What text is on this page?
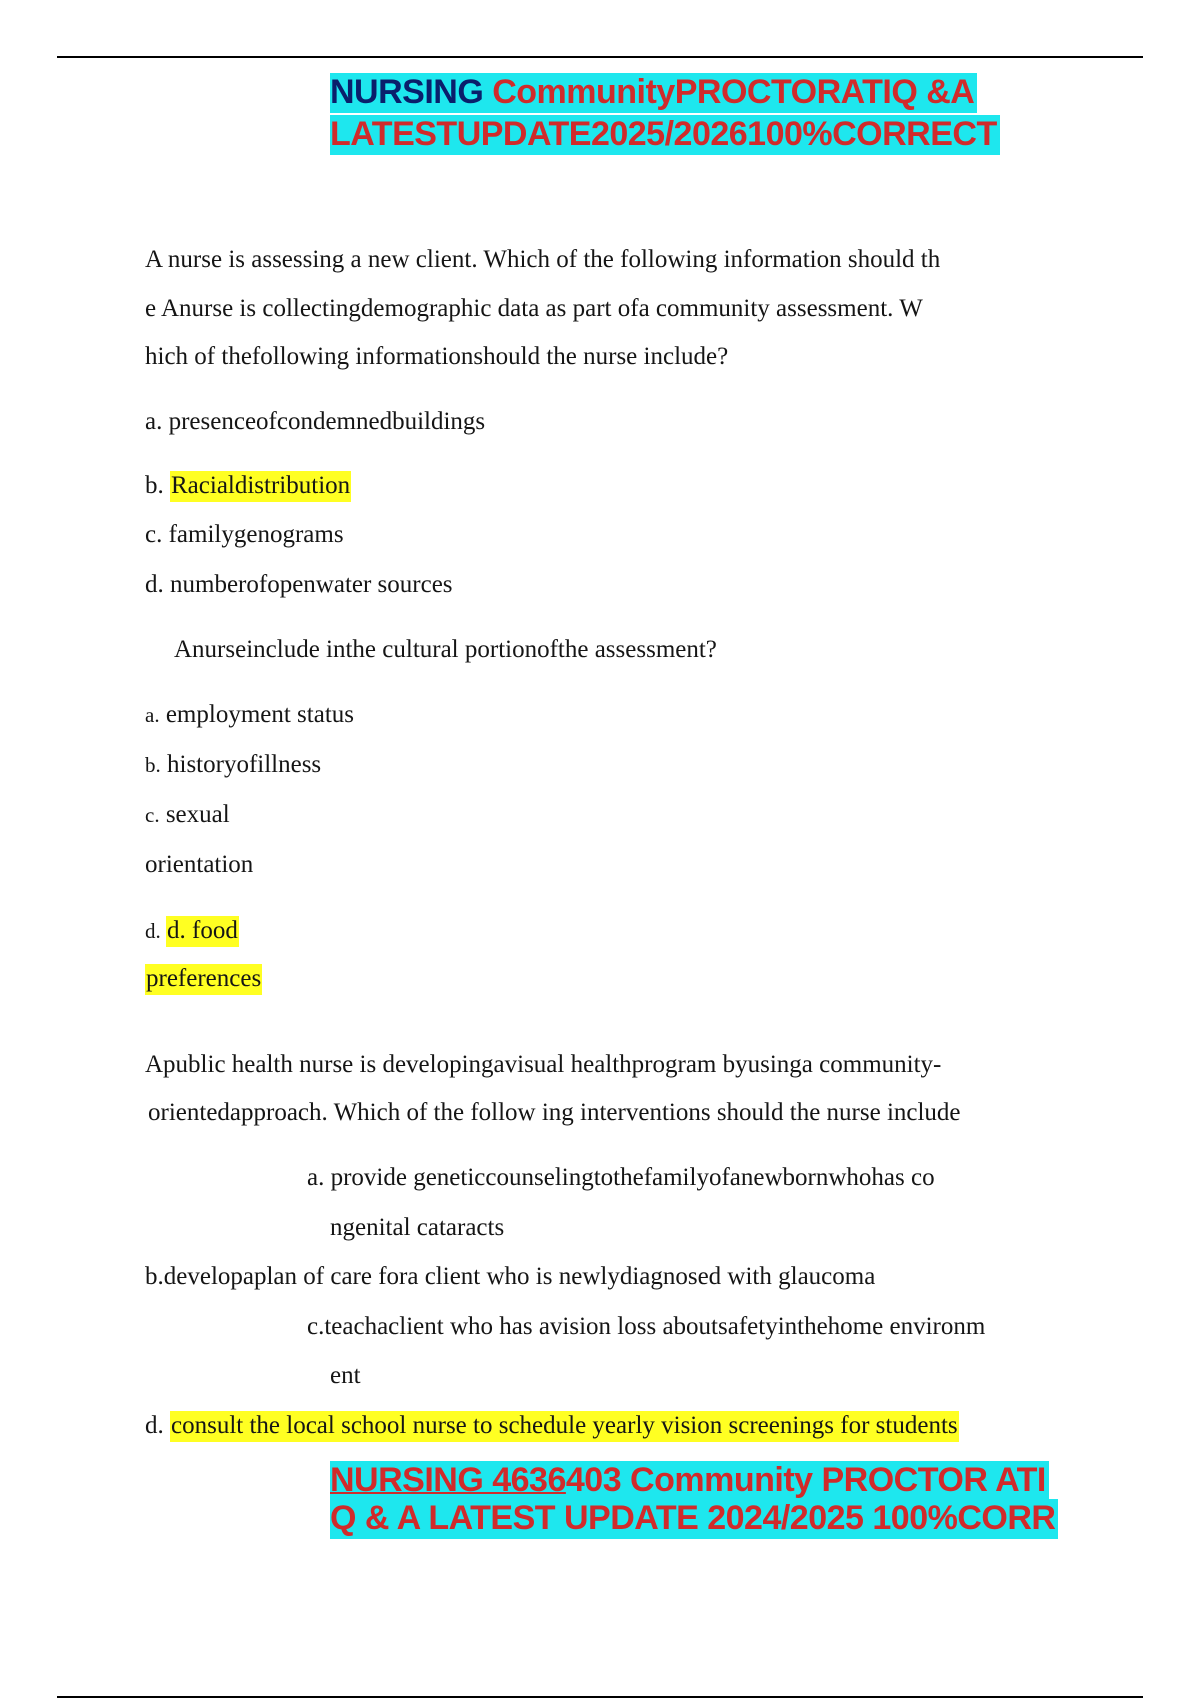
NURSING CommunityPROCTORATIQ &A
LATESTUPDATE2025/2026100%CORRECT
A nurse is assessing a new client. Which of the following information should th
e Anurse is collectingdemographic data as part ofa community assessment. W
hich of thefollowing informationshould the nurse include?
a. presenceofcondemnedbuildings
b. Racialdistribution
c. familygenograms
d. numberofopenwater sources
Anurseinclude inthe cultural portionofthe assessment?
a. employment status
b. historyofillness
c. sexual
orientation
d. d. food
preferences
Apublic health nurse is developingavisual healthprogram byusinga community-
orientedapproach. Which of the follow ing interventions should the nurse include
a. provide geneticcounselingtothefamilyofanewbornwhohas co
ngenital cataracts
b.developaplan of care fora client who is newlydiagnosed with glaucoma
c.teachaclient who has avision loss aboutsafetyinthehome environm
ent
d. consult the local school nurse to schedule yearly vision screenings for students
NURSING 4636403 Community PROCTOR ATI
Q & A LATEST UPDATE 2024/2025 100%CORR
